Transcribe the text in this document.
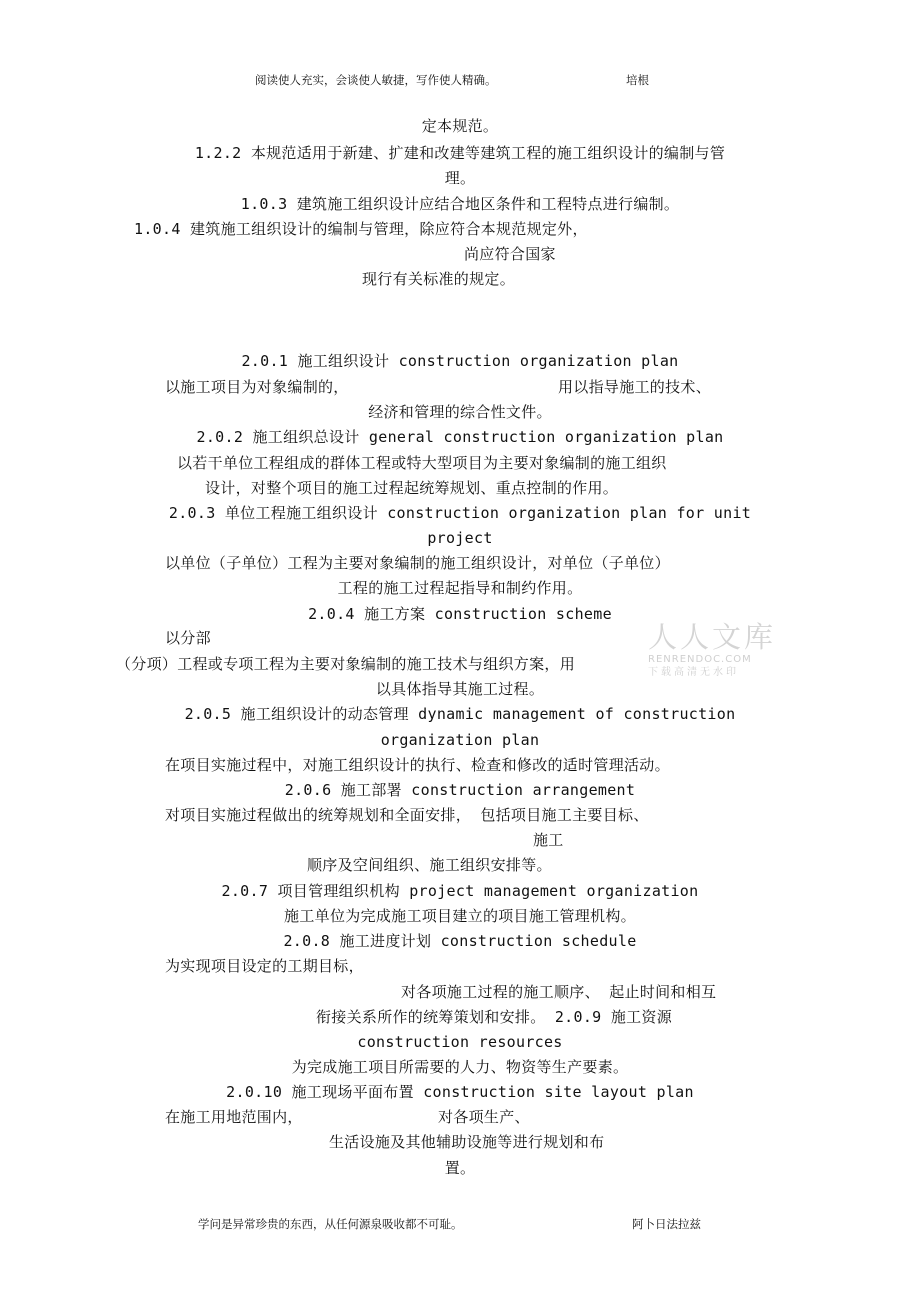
阅读使人充实，会谈使人敏捷，写作使人精确。	培根
定本规范。
1.2.2 本规范适用于新建、扩建和改建等建筑工程的施工组织设计的编制与管
理。
1.0.3 建筑施工组织设计应结合地区条件和工程特点进行编制。
1.0.4 建筑施工组织设计的编制与管理，除应符合本规范规定外，
尚应符合国家
现行有关标准的规定。
2.0.1 施工组织设计 construction organization plan
以施工项目为对象编制的，	用以指导施工的技术、
经济和管理的综合性文件。
2.0.2 施工组织总设计 general construction organization plan
以若干单位工程组成的群体工程或特大型项目为主要对象编制的施工组织
设计，对整个项目的施工过程起统筹规划、重点控制的作用。
2.0.3 单位工程施工组织设计 construction organization plan for unit
project
以单位（子单位）工程为主要对象编制的施工组织设计，对单位（子单位）
工程的施工过程起指导和制约作用。
2.0.4 施工方案 construction scheme
以分部
（分项）工程或专项工程为主要对象编制的施工技术与组织方案，用
以具体指导其施工过程。
2.0.5 施工组织设计的动态管理 dynamic management of construction
organization plan
在项目实施过程中，对施工组织设计的执行、检查和修改的适时管理活动。
2.0.6 施工部署 construction arrangement
对项目实施过程做出的统筹规划和全面安排， 包括项目施工主要目标、
施工
顺序及空间组织、施工组织安排等。
2.0.7 项目管理组织机构 project management organization
施工单位为完成施工项目建立的项目施工管理机构。
2.0.8 施工进度计划 construction schedule
为实现项目设定的工期目标，
对各项施工过程的施工顺序、 起止时间和相互
衔接关系所作的统筹策划和安排。 2.0.9 施工资源
construction resources
为完成施工项目所需要的人力、物资等生产要素。
2.0.10 施工现场平面布置 construction site layout plan
在施工用地范围内，	对各项生产、
生活设施及其他辅助设施等进行规划和布
置。
人人文库
RENRENDOC.COM
下载高清无水印
学问是异常珍贵的东西，从任何源泉吸收都不可耻。	阿卜日法拉兹
